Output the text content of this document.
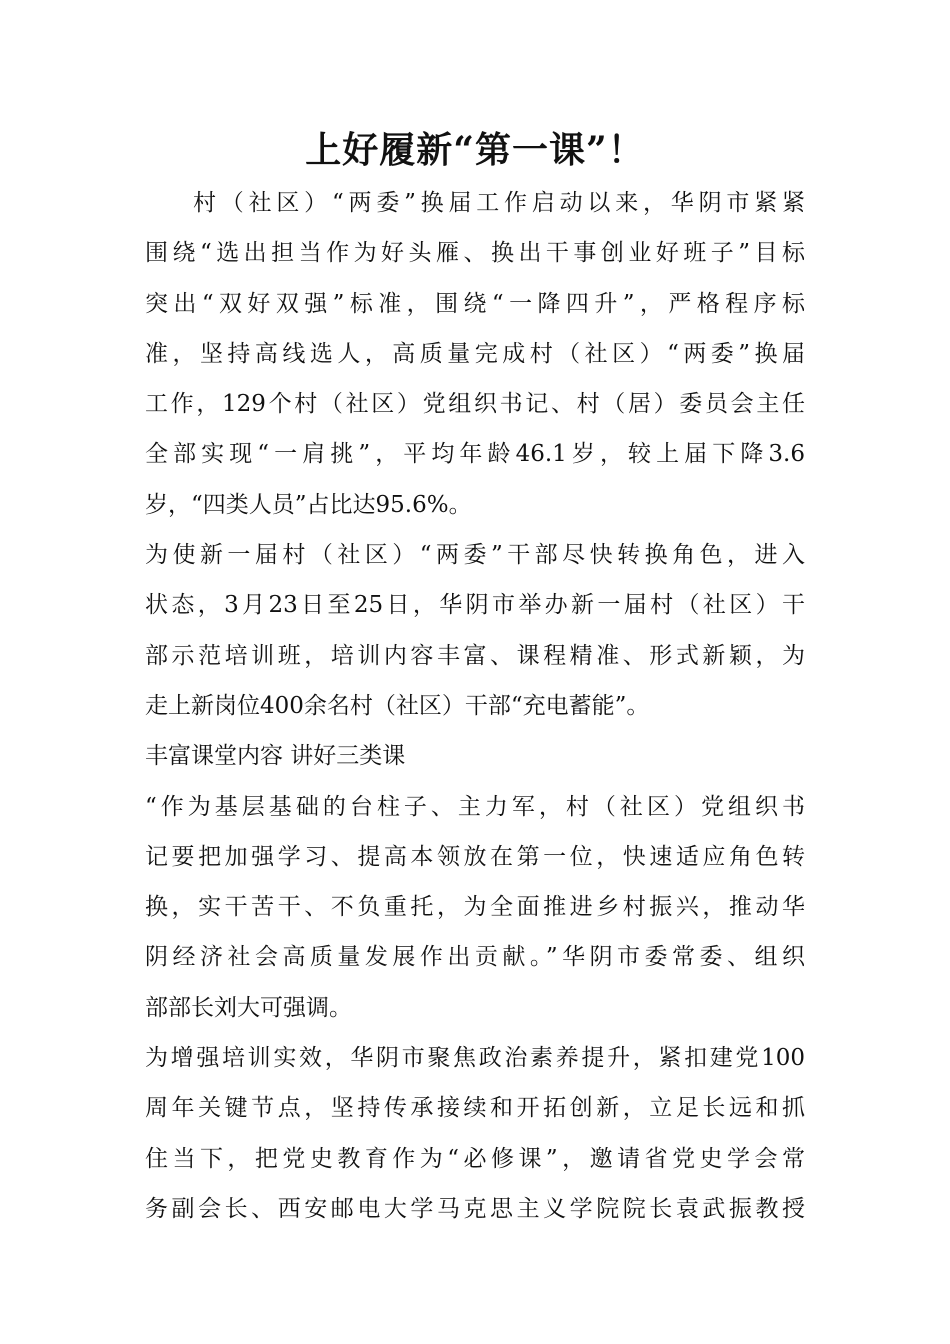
上好履新“第一课”！
村（社区）“两委”换届工作启动以来，华阴市紧紧
围绕“选出担当作为好头雁、换出干事创业好班子”目标
突出“双好双强”标准，围绕“一降四升”，严格程序标
准，坚持高线选人，高质量完成村（社区）“两委”换届
工作，129个村（社区）党组织书记、村（居）委员会主任
全部实现“一肩挑”，平均年龄46.1岁，较上届下降3.6
岁，“四类人员”占比达95.6%。
为使新一届村（社区）“两委”干部尽快转换角色，进入
状态，3月23日至25日，华阴市举办新一届村（社区）干
部示范培训班，培训内容丰富、课程精准、形式新颖，为
走上新岗位400余名村（社区）干部“充电蓄能”。
丰富课堂内容 讲好三类课
“作为基层基础的台柱子、主力军，村（社区）党组织书
记要把加强学习、提高本领放在第一位，快速适应角色转
换，实干苦干、不负重托，为全面推进乡村振兴，推动华
阴经济社会高质量发展作出贡献。”华阴市委常委、组织
部部长刘大可强调。
为增强培训实效，华阴市聚焦政治素养提升，紧扣建党100
周年关键节点，坚持传承接续和开拓创新，立足长远和抓
住当下，把党史教育作为“必修课”，邀请省党史学会常
务副会长、西安邮电大学马克思主义学院院长袁武振教授
